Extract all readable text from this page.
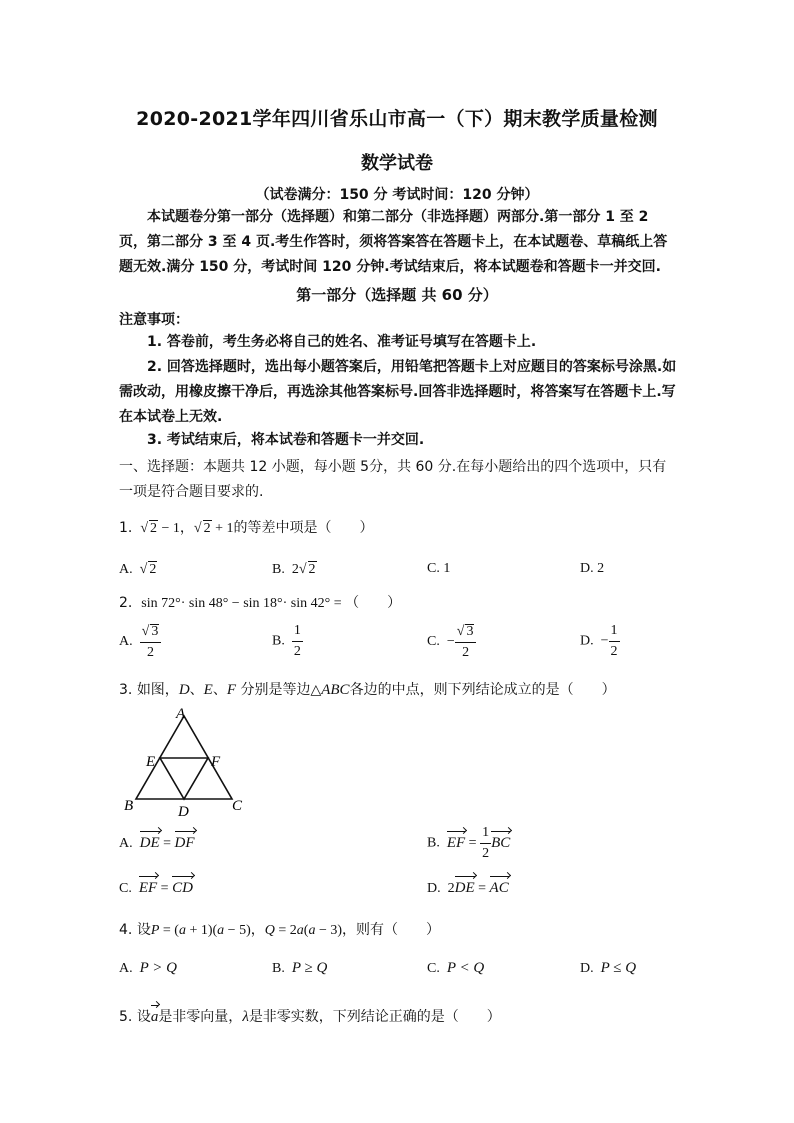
2020-2021学年四川省乐山市高一（下）期末教学质量检测
数学试卷
（试卷满分：150 分 考试时间：120 分钟）
本试题卷分第一部分（选择题）和第二部分（非选择题）两部分.第一部分 1 至 2 页，第二部分 3 至 4 页.考生作答时，须将答案答在答题卡上，在本试题卷、草稿纸上答题无效.满分 150 分，考试时间 120 分钟.考试结束后，将本试题卷和答题卡一并交回.
第一部分（选择题 共 60 分）
注意事项：
1. 答卷前，考生务必将自己的姓名、准考证号填写在答题卡上.
2. 回答选择题时，选出每小题答案后，用铅笔把答题卡上对应题目的答案标号涂黑.如需改动，用橡皮擦干净后，再选涂其他答案标号.回答非选择题时，将答案写在答题卡上.写在本试卷上无效.
3. 考试结束后，将本试卷和答题卡一并交回.
一、选择题：本题共 12 小题，每小题 5分，共 60 分.在每小题给出的四个选项中，只有一项是符合题目要求的.
1.  √ 2 − 1，√ 2 + 1的等差中项是（　　）
A.  √ 2	B.  2√ 2	C. 1	D. 2
2. sin 72°· sin 48° − sin 18°· sin 42° = （　　）
A. $\frac{√ 3}{2}$	B. $\frac{1}{2}$	C.  − $\frac{√ 3}{2}$	D.  − $\frac{1}{2}$
3. 如图，D、E、F 分别是等边△ABC各边的中点，则下列结论成立的是（　　）
A
E	F
B	D	C
A. DE = DF	B. EF = $\frac{1}{2}$ BC
C. EF = CD	D.  2DE = AC
4. 设P = (a + 1)(a − 5)，Q = 2a(a − 3)，则有（　　）
A. P > Q	B. P ≥ Q	C. P < Q	D. P ≤ Q
5. 设a是非零向量，λ是非零实数，下列结论正确的是（　　）
